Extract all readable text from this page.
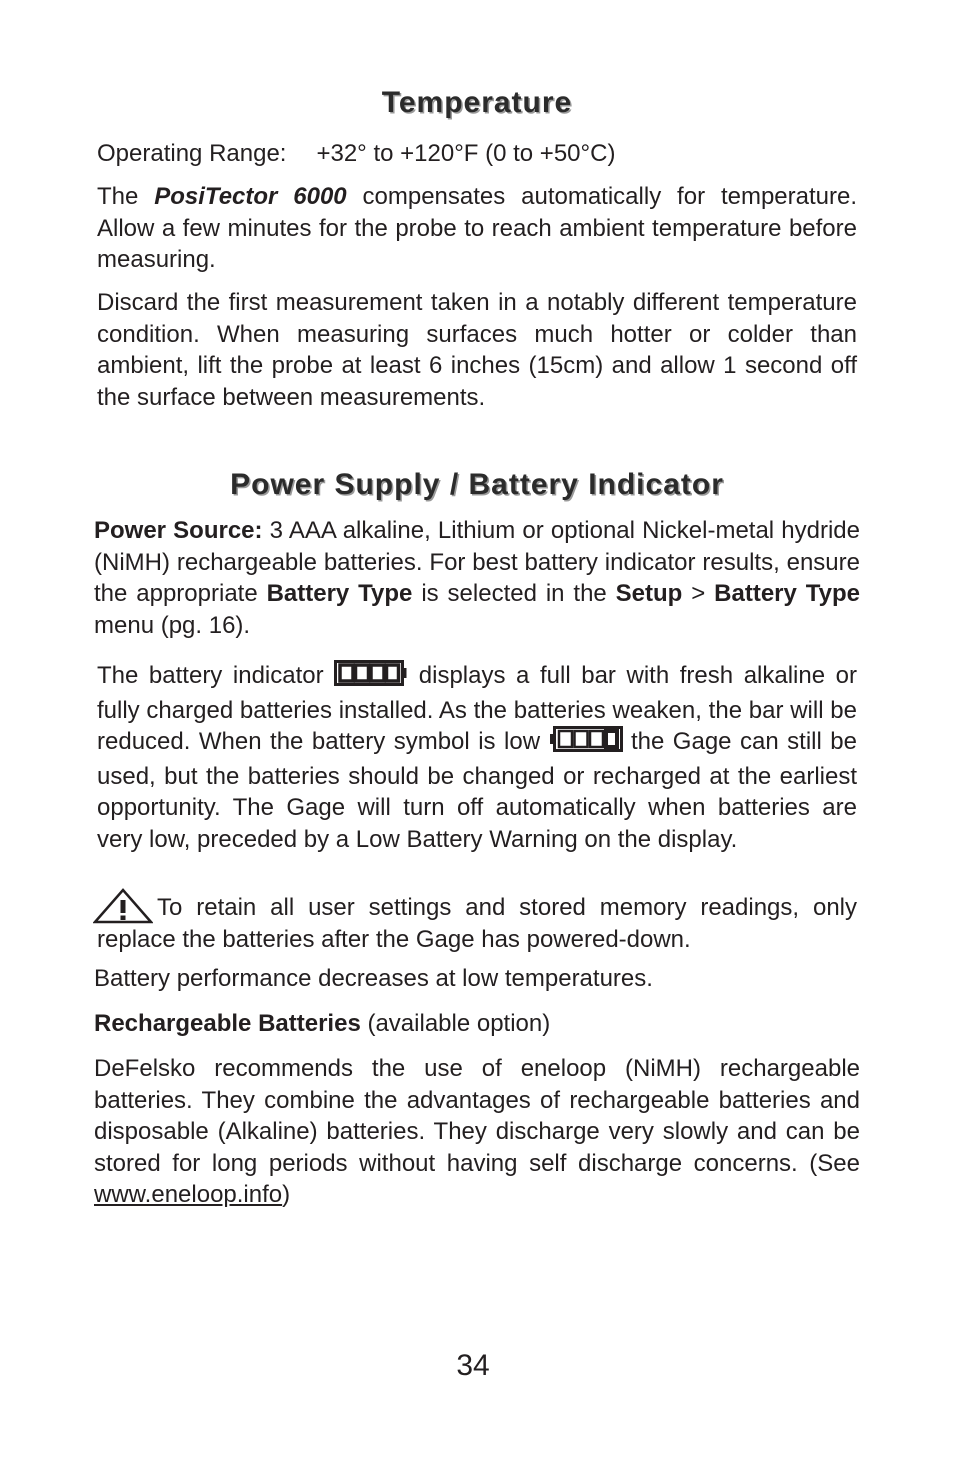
Temperature

Operating Range: +32° to +120°F (0 to +50°C)

The PosiTector 6000 compensates automatically for temperature. Allow a few minutes for the probe to reach ambient temperature before measuring.

Discard the first measurement taken in a notably different temperature condition. When measuring surfaces much hotter or colder than ambient, lift the probe at least 6 inches (15cm) and allow 1 second off the surface between measurements.

Power Supply / Battery Indicator

Power Source: 3 AAA alkaline, Lithium or optional Nickel-metal hydride (NiMH) rechargeable batteries. For best battery indicator results, ensure the appropriate Battery Type is selected in the Setup > Battery Type menu (pg. 16).

The battery indicator	displays a full bar with fresh alkaline or fully charged batteries installed. As the batteries weaken, the bar will be reduced. When the battery symbol is low	the Gage can still be used, but the batteries should be changed or recharged at the earliest opportunity. The Gage will turn off automatically when batteries are very low, preceded by a Low Battery Warning on the display.

To retain all user settings and stored memory readings, only replace the batteries after the Gage has powered-down.

Battery performance decreases at low temperatures.

Rechargeable Batteries (available option)

DeFelsko recommends the use of eneloop (NiMH) rechargeable batteries. They combine the advantages of rechargeable batteries and disposable (Alkaline) batteries. They discharge very slowly and can be stored for long periods without having self discharge concerns. (See www.eneloop.info)

34
